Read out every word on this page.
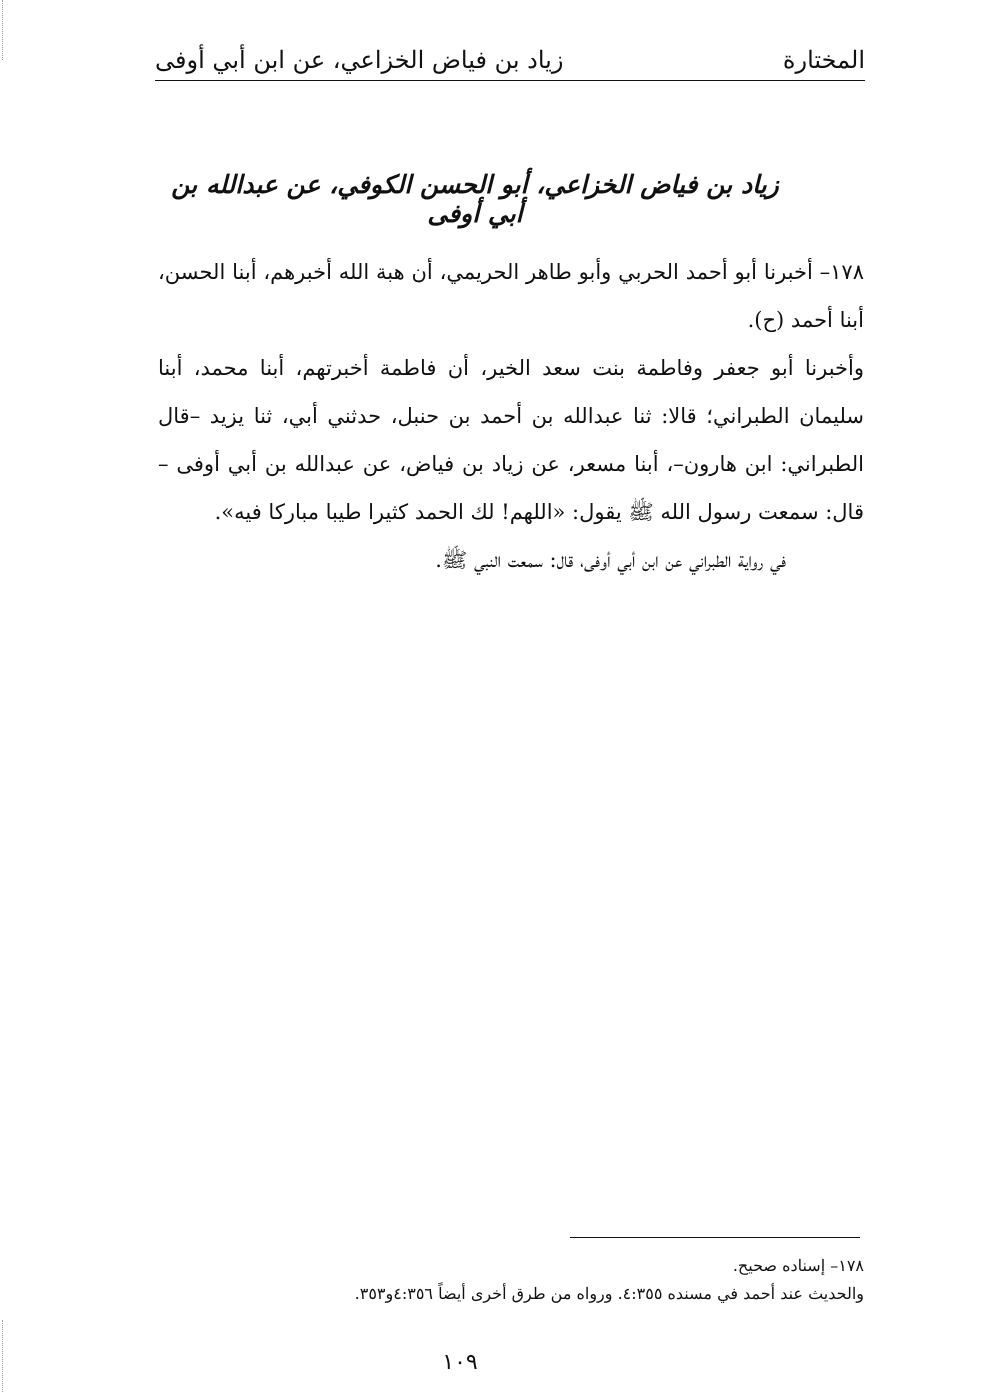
المختارة
زياد بن فياض الخزاعي، عن ابن أبي أوفى
زياد بن فياض الخزاعي، أبو الحسن الكوفي، عن عبدالله بن أبي أوفى

١٧٨– أخبرنا أبو أحمد الحربي وأبو طاهر الحريمي، أن هبة الله أخبرهم، أبنا الحسن، أبنا أحمد (ح).

وأخبرنا أبو جعفر وفاطمة بنت سعد الخير، أن فاطمة أخبرتهم، أبنا محمد، أبنا سليمان الطبراني؛ قالا: ثنا عبدالله بن أحمد بن حنبل، حدثني أبي، ثنا يزيد –قال الطبراني: ابن هارون–، أبنا مسعر، عن زياد بن فياض، عن عبدالله بن أبي أوفى – قال: سمعت رسول الله ﷺ يقول: «اللهم! لك الحمد كثيرا طيبا مباركا فيه».

في رواية الطبراني عن ابن أبي أوفى، قال: سمعت النبي ﷺ.

١٧٨– إسناده صحيح.

والحديث عند أحمد في مسنده ٤:٣٥٥. ورواه من طرق أخرى أيضاً ٤:٣٥٦و٣٥٣.

١٠٩
